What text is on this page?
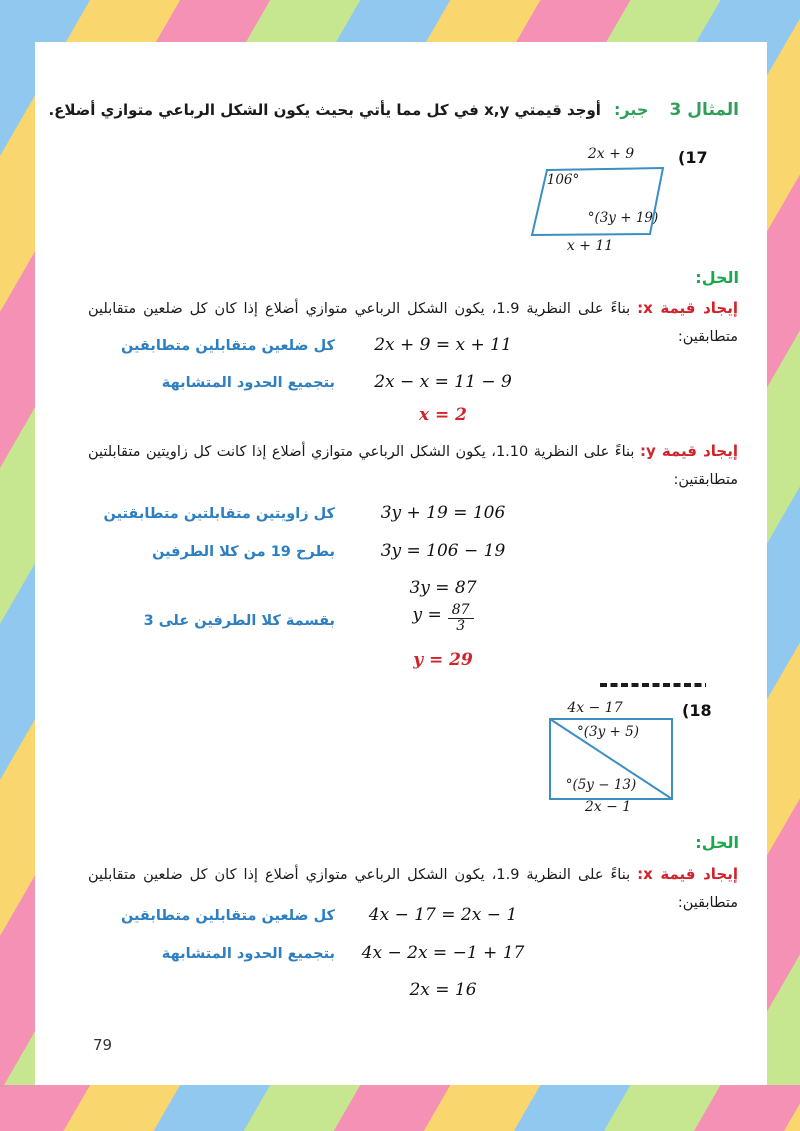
المثال 3 جبر: أوجد قيمتي x,y في كل مما يأتي بحيث يكون الشكل الرباعي متوازي أضلاع.
(17
2x + 9
106°
(3y + 19)°
x + 11
الحل:
إيجاد قيمة x: بناءً على النظرية 1.9، يكون الشكل الرباعي متوازي أضلاع إذا كان كل ضلعين متقابلين متطابقين:
كل ضلعين متقابلين متطابقين	2x + 9 = x + 11
بتجميع الحدود المتشابهة	2x − x = 11 − 9
x = 2
إيجاد قيمة y: بناءً على النظرية 1.10، يكون الشكل الرباعي متوازي أضلاع إذا كانت كل زاويتين متقابلتين متطابقتين:
كل زاويتين متقابلتين متطابقتين	3y + 19 = 106
بطرح 19 من كلا الطرفين	3y = 106 − 19
3y = 87
بقسمة كلا الطرفين على 3	$y = \frac{87}{3}$
y = 29
(18
4x − 17
(3y + 5)°
(5y − 13)°
2x − 1
الحل:
إيجاد قيمة x: بناءً على النظرية 1.9، يكون الشكل الرباعي متوازي أضلاع إذا كان كل ضلعين متقابلين متطابقين:
كل ضلعين متقابلين متطابقين	4x − 17 = 2x − 1
بتجميع الحدود المتشابهة	4x − 2x = −1 + 17
2x = 16
79
